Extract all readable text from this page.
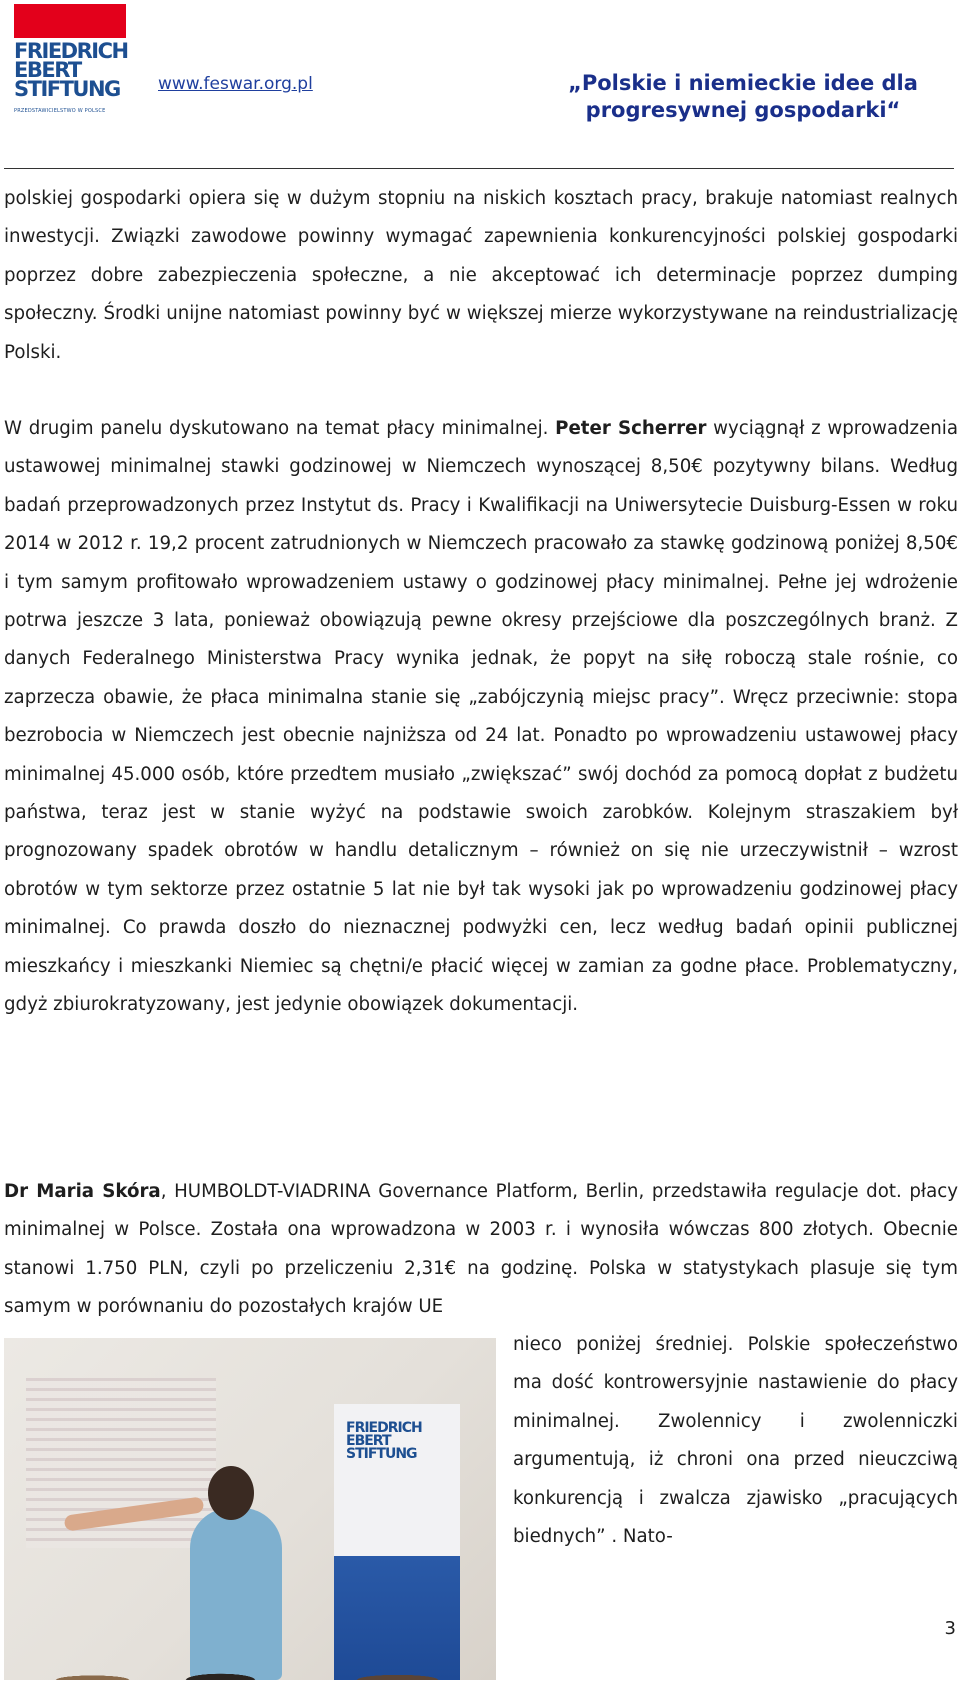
FRIEDRICH
EBERT
STIFTUNG
PRZEDSTAWICIELSTWO W POLSCE
www.feswar.org.pl	„Polskie i niemieckie idee dla progresywnej gospodarki“

polskiej gospodarki opiera się w dużym stopniu na niskich kosztach pracy, brakuje natomiast realnych inwestycji. Związki zawodowe powinny wymagać zapewnienia konkurencyjności polskiej gospodarki poprzez dobre zabezpieczenia społeczne, a nie akceptować ich determinacje poprzez dumping społeczny. Środki unijne natomiast powinny być w większej mierze wykorzystywane na reindustrializację Polski.

W drugim panelu dyskutowano na temat płacy minimalnej. Peter Scherrer wyciągnął z wprowadzenia ustawowej minimalnej stawki godzinowej w Niemczech wynoszącej 8,50€ pozytywny bilans. Według badań przeprowadzonych przez Instytut ds. Pracy i Kwalifikacji na Uniwersytecie Duisburg-Essen w roku 2014 w 2012 r. 19,2 procent zatrudnionych w Niemczech pracowało za stawkę godzinową poniżej 8,50€ i tym samym profitowało wprowadzeniem ustawy o godzinowej płacy minimalnej. Pełne jej wdrożenie potrwa jeszcze 3 lata, ponieważ obowiązują pewne okresy przejściowe dla poszczególnych branż. Z danych Federalnego Ministerstwa Pracy wynika jednak, że popyt na siłę roboczą stale rośnie, co zaprzecza obawie, że płaca minimalna stanie się „zabójczynią miejsc pracy”. Wręcz przeciwnie: stopa bezrobocia w Niemczech jest obecnie najniższa od 24 lat. Ponadto po wprowadzeniu ustawowej płacy minimalnej 45.000 osób, które przedtem musiało „zwiększać” swój dochód za pomocą dopłat z budżetu państwa, teraz jest w stanie wyżyć na podstawie swoich zarobków. Kolejnym straszakiem był prognozowany spadek obrotów w handlu detalicznym – również on się nie urzeczywistnił – wzrost obrotów w tym sektorze przez ostatnie 5 lat nie był tak wysoki jak po wprowadzeniu godzinowej płacy minimalnej. Co prawda doszło do nieznacznej podwyżki cen, lecz według badań opinii publicznej mieszkańcy i mieszkanki Niemiec są chętni/e płacić więcej w zamian za godne płace. Problematyczny, gdyż zbiurokratyzowany, jest jedynie obowiązek dokumentacji.

Dr Maria Skóra, HUMBOLDT-VIADRINA Governance Platform, Berlin, przedstawiła regulacje dot. płacy minimalnej w Polsce. Została ona wprowadzona w 2003 r. i wynosiła wówczas 800 złotych. Obecnie stanowi 1.750 PLN, czyli po przeliczeniu 2,31€ na godzinę. Polska w statystykach plasuje się tym samym w porównaniu do pozostałych krajów UE

FRIEDRICH
EBERT
STIFTUNG

nieco poniżej średniej. Polskie społeczeństwo ma dość kontrowersyjnie nastawienie do płacy minimalnej. Zwolennicy i zwolenniczki argumentują, iż chroni ona przed nieuczciwą konkurencją i zwalcza zjawisko „pracujących biednych” . Nato-

3
